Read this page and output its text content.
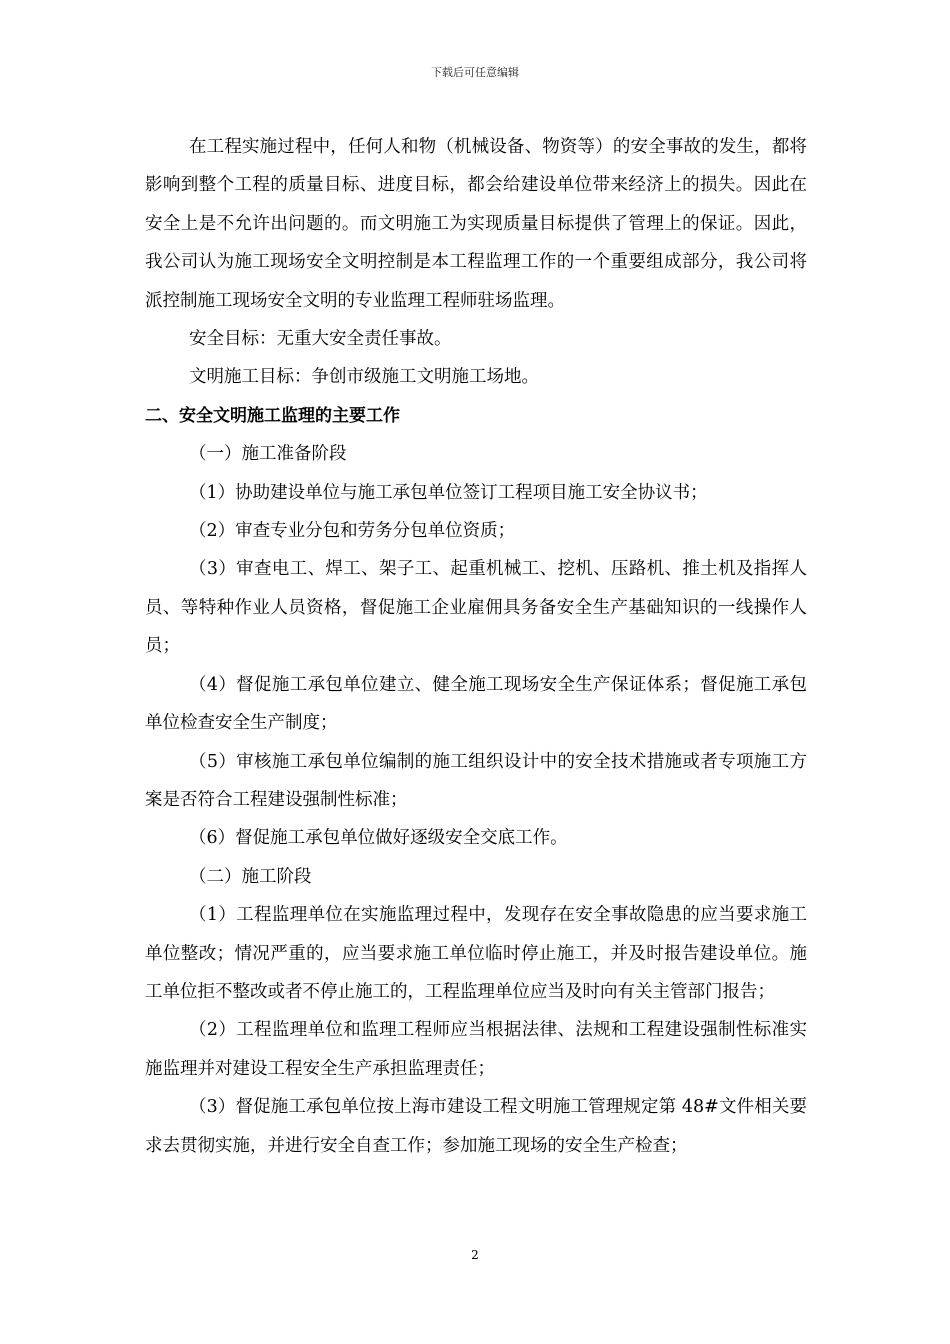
下载后可任意编辑

在工程实施过程中，任何人和物（机械设备、物资等）的安全事故的发生，都将影响到整个工程的质量目标、进度目标，都会给建设单位带来经济上的损失。因此在安全上是不允许出问题的。而文明施工为实现质量目标提供了管理上的保证。因此，我公司认为施工现场安全文明控制是本工程监理工作的一个重要组成部分，我公司将派控制施工现场安全文明的专业监理工程师驻场监理。

安全目标：无重大安全责任事故。

文明施工目标：争创市级施工文明施工场地。

二、安全文明施工监理的主要工作

（一）施工准备阶段

（1）协助建设单位与施工承包单位签订工程项目施工安全协议书；

（2）审查专业分包和劳务分包单位资质；

（3）审查电工、焊工、架子工、起重机械工、挖机、压路机、推土机及指挥人员、等特种作业人员资格，督促施工企业雇佣具务备安全生产基础知识的一线操作人员；

（4）督促施工承包单位建立、健全施工现场安全生产保证体系；督促施工承包单位检查安全生产制度；

（5）审核施工承包单位编制的施工组织设计中的安全技术措施或者专项施工方案是否符合工程建设强制性标准；

（6）督促施工承包单位做好逐级安全交底工作。

（二）施工阶段

（1）工程监理单位在实施监理过程中，发现存在安全事故隐患的应当要求施工单位整改；情况严重的，应当要求施工单位临时停止施工，并及时报告建设单位。施工单位拒不整改或者不停止施工的，工程监理单位应当及时向有关主管部门报告；

（2）工程监理单位和监理工程师应当根据法律、法规和工程建设强制性标准实施监理并对建设工程安全生产承担监理责任；

（3）督促施工承包单位按上海市建设工程文明施工管理规定第 48#文件相关要求去贯彻实施，并进行安全自查工作；参加施工现场的安全生产检查；

2
